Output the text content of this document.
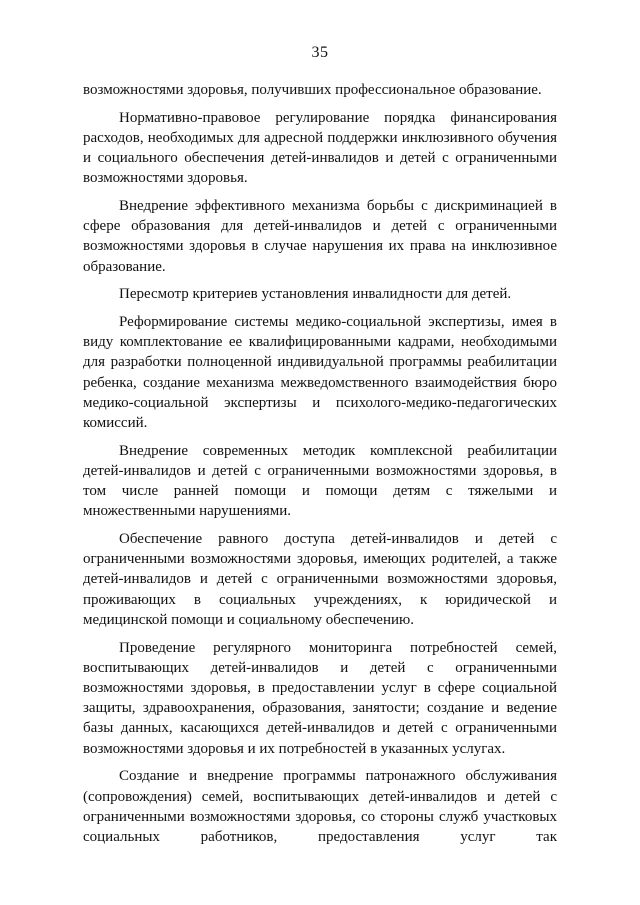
35

возможностями здоровья, получивших профессиональное образование.

Нормативно-правовое регулирование порядка финансирования расходов, необходимых для адресной поддержки инклюзивного обучения и социального обеспечения детей-инвалидов и детей с ограниченными возможностями здоровья.

Внедрение эффективного механизма борьбы с дискриминацией в сфере образования для детей-инвалидов и детей с ограниченными возможностями здоровья в случае нарушения их права на инклюзивное образование.

Пересмотр критериев установления инвалидности для детей.

Реформирование системы медико-социальной экспертизы, имея в виду комплектование ее квалифицированными кадрами, необходимыми для разработки полноценной индивидуальной программы реабилитации ребенка, создание механизма межведомственного взаимодействия бюро медико-социальной экспертизы и психолого-медико-педагогических комиссий.

Внедрение современных методик комплексной реабилитации детей-инвалидов и детей с ограниченными возможностями здоровья, в том числе ранней помощи и помощи детям с тяжелыми и множественными нарушениями.

Обеспечение равного доступа детей-инвалидов и детей с ограниченными возможностями здоровья, имеющих родителей, а также детей-инвалидов и детей с ограниченными возможностями здоровья, проживающих в социальных учреждениях, к юридической и медицинской помощи и социальному обеспечению.

Проведение регулярного мониторинга потребностей семей, воспитывающих детей-инвалидов и детей с ограниченными возможностями здоровья, в предоставлении услуг в сфере социальной защиты, здравоохранения, образования, занятости; создание и ведение базы данных, касающихся детей-инвалидов и детей с ограниченными возможностями здоровья и их потребностей в указанных услугах.

Создание и внедрение программы патронажного обслуживания (сопровождения) семей, воспитывающих детей-инвалидов и детей с ограниченными возможностями здоровья, со стороны служб участковых социальных работников, предоставления услуг так
